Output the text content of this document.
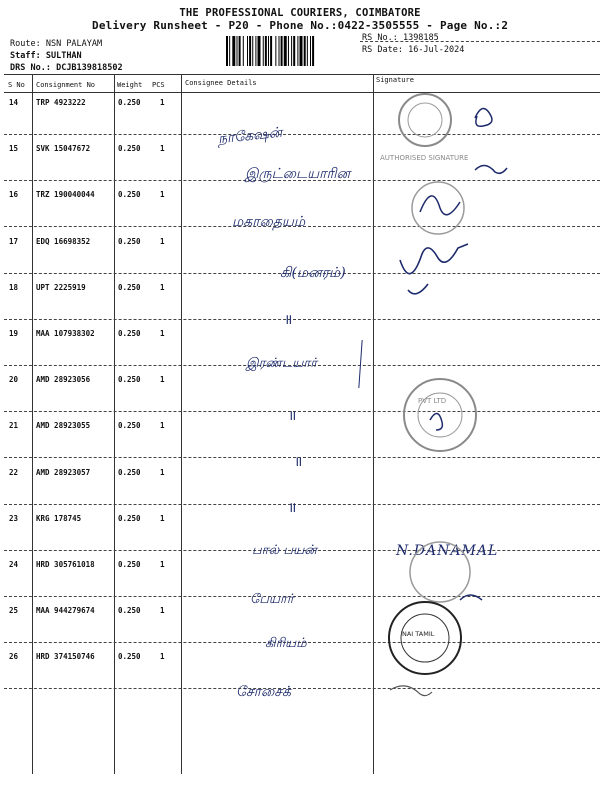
THE PROFESSIONAL COURIERS, COIMBATORE
Delivery Runsheet - P20 - Phone No.:0422-3505555 - Page No.:2
Route: NSN PALAYAM
Staff: SULTHAN
DRS No.: DCJB139818502
RS No.: 1398185
RS Date: 16-Jul-2024
S No Consignment No	Weight PCS	Consignee Details	Signature
14 TRP 4923222	0.250	1
15 SVK 15047672	0.250	1
16 TRZ 190040044	0.250	1
17 EDQ 16698352	0.250	1
18 UPT 2225919	0.250	1
19 MAA 107938302	0.250	1
20 AMD 28923056	0.250	1
21 AMD 28923055	0.250	1
22 AMD 28923057	0.250	1
23 KRG 178745	0.250	1
24 HRD 305761018	0.250	1
25 MAA 944279674	0.250	1
26 HRD 374150746	0.250	1
நாகேஷன்
இருட்டையாரின
மகாதையம்
கி(மனரம்)
॥
இரண்டயார்
॥
॥
॥
பால் பயன்
பேயார்
கிரியம்
சோசைக்
N.DANAMAL
AUTHORISED SIGNATURE
PVT LTD
NAI TAMIL
